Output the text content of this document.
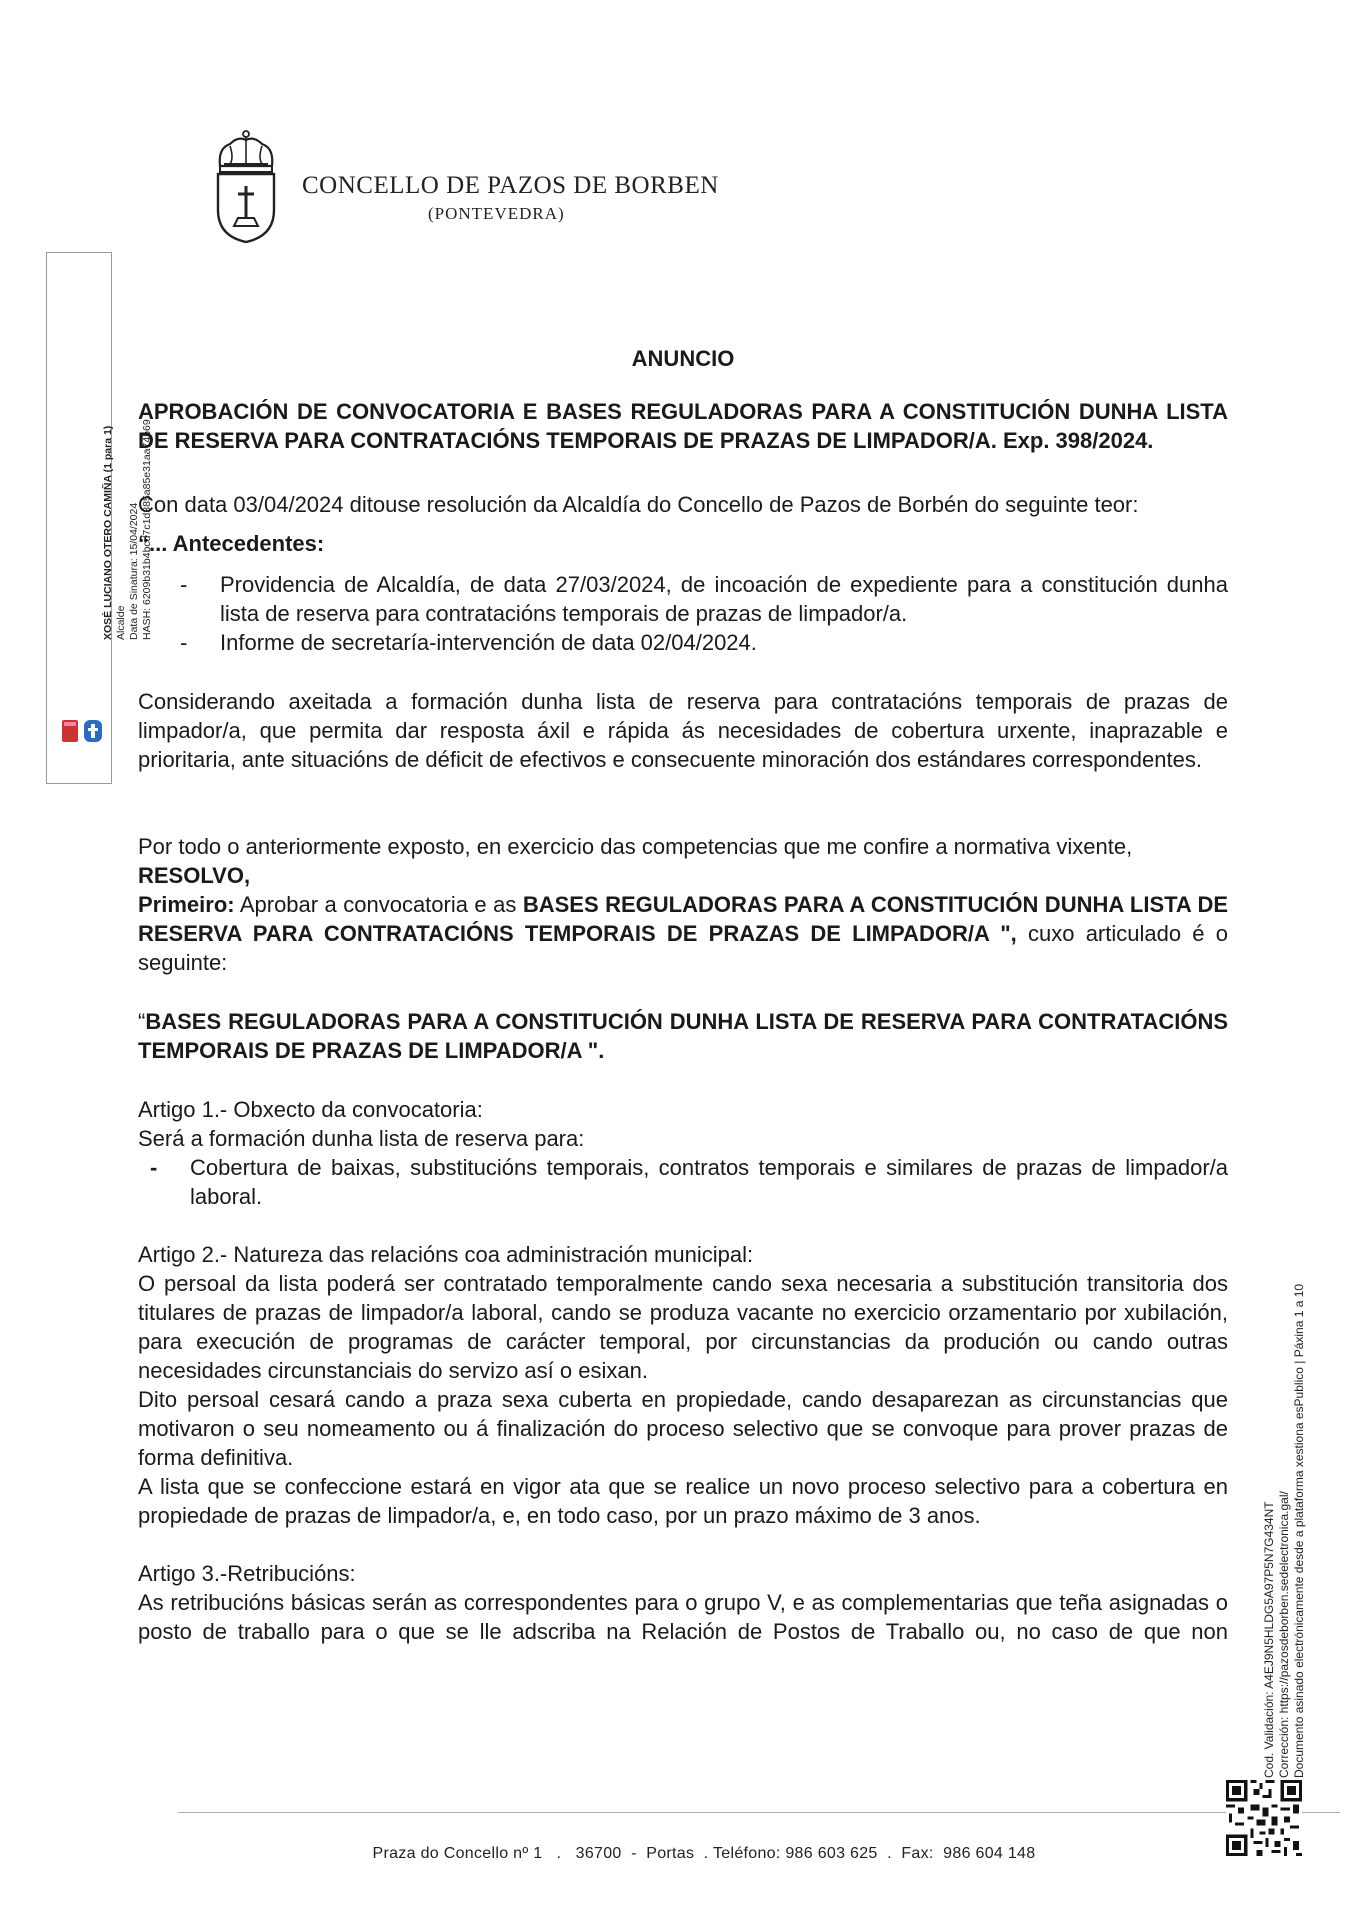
CONCELLO DE PAZOS DE BORBEN
(PONTEVEDRA)
XOSÉ LUCIANO OTERO CAMIÑA (1 para 1) Alcalde Data de Sinatura: 15/04/2024 HASH: 6209b31b4bcd7c1d385a85e31aa74b69
Cod. Validación: A4EJ9N5HLDG5A97P5N7G434NT Corrección: https://pazosdeborben.sedelectronica.gal/ Documento asinado electrónicamente desde a plataforma xestiona esPublico | Páxina 1 a 10

ANUNCIO

APROBACIÓN DE CONVOCATORIA E BASES REGULADORAS PARA A CONSTITUCIÓN DUNHA LISTA DE RESERVA PARA CONTRATACIÓNS TEMPORAIS DE PRAZAS DE LIMPADOR/A. Exp. 398/2024.

Con data 03/04/2024 ditouse resolución da Alcaldía do Concello de Pazos de Borbén do seguinte teor:

“... Antecedentes:

- Providencia de Alcaldía, de data 27/03/2024, de incoación de expediente para a constitución dunha lista de reserva para contratacións temporais de prazas de limpador/a.

- Informe de secretaría-intervención de data 02/04/2024.

Considerando axeitada a formación dunha lista de reserva para contratacións temporais de prazas de limpador/a, que permita dar resposta áxil e rápida ás necesidades de cobertura urxente, inaprazable e prioritaria, ante situacións de déficit de efectivos e consecuente minoración dos estándares correspondentes.

Por todo o anteriormente exposto, en exercicio das competencias que me confire a normativa vixente,

RESOLVO,

Primeiro: Aprobar a convocatoria e as BASES REGULADORAS PARA A CONSTITUCIÓN DUNHA LISTA DE RESERVA PARA CONTRATACIÓNS TEMPORAIS DE PRAZAS DE LIMPADOR/A ", cuxo articulado é o seguinte:

“BASES REGULADORAS PARA A CONSTITUCIÓN DUNHA LISTA DE RESERVA PARA CONTRATACIÓNS TEMPORAIS DE PRAZAS DE LIMPADOR/A ".

Artigo 1.- Obxecto da convocatoria:

Será a formación dunha lista de reserva para:

- Cobertura de baixas, substitucións temporais, contratos temporais e similares de prazas de limpador/a laboral.

Artigo 2.- Natureza das relacións coa administración municipal:

O persoal da lista poderá ser contratado temporalmente cando sexa necesaria a substitución transitoria dos titulares de prazas de limpador/a laboral, cando se produza vacante no exercicio orzamentario por xubilación, para execución de programas de carácter temporal, por circunstancias da produción ou cando outras necesidades circunstanciais do servizo así o esixan.

Dito persoal cesará cando a praza sexa cuberta en propiedade, cando desaparezan as circunstancias que motivaron o seu nomeamento ou á finalización do proceso selectivo que se convoque para prover prazas de forma definitiva.

A lista que se confeccione estará en vigor ata que se realice un novo proceso selectivo para a cobertura en propiedade de prazas de limpador/a, e, en todo caso, por un prazo máximo de 3 anos.

Artigo 3.-Retribucións:

As retribucións básicas serán as correspondentes para o grupo V, e as complementarias que teña asignadas o posto de traballo para o que se lle adscriba na Relación de Postos de Traballo ou, no caso de que non

Praza do Concello nº 1   .   36700  -  Portas  . Teléfono: 986 603 625  .  Fax:  986 604 148
